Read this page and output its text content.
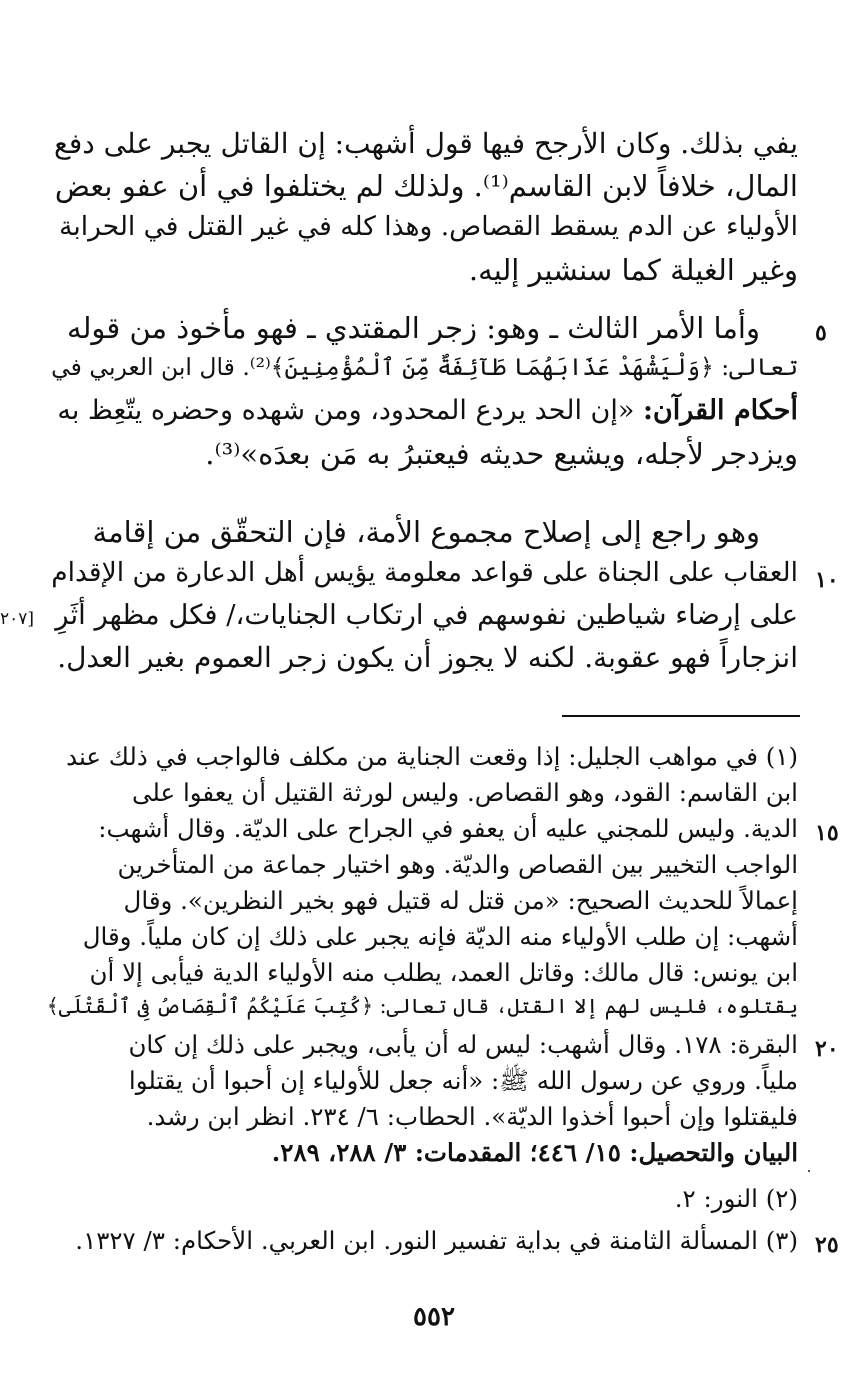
يفي بذلك. وكان الأرجح فيها قول أشهب: إن القاتل يجبر على دفع
المال، خلافاً لابن القاسم⁽¹⁾. ولذلك لم يختلفوا في أن عفو بعض
الأولياء عن الدم يسقط القصاص. وهذا كله في غير القتل في الحرابة
وغير الغيلة كما سنشير إليه.
٥
وأما الأمر الثالث ـ وهو: زجر المقتدي ـ فهو مأخوذ من قوله
تعالى: ﴿وَلْيَشْهَدْ عَذَابَهُمَا طَآئِفَةٌ مِّنَ ٱلْمُؤْمِنِينَ﴾⁽²⁾. قال ابن العربي في
أحكام القرآن: «إن الحد يردع المحدود، ومن شهده وحضره يتّعِظ به
ويزدجر لأجله، ويشيع حديثه فيعتبرُ به مَن بعدَه»⁽³⁾.
وهو راجع إلى إصلاح مجموع الأمة، فإن التحقّق من إقامة
١٠
العقاب على الجناة على قواعد معلومة يؤيس أهل الدعارة من الإقدام
على إرضاء شياطين نفوسهم في ارتكاب الجنايات،/ فكل مظهر أثَرِ
[٢٠٧
انزجاراً فهو عقوبة. لكنه لا يجوز أن يكون زجر العموم بغير العدل.
(١) في مواهب الجليل: إذا وقعت الجناية من مكلف فالواجب في ذلك عند
ابن القاسم: القود، وهو القصاص. وليس لورثة القتيل أن يعفوا على
١٥
الدية. وليس للمجني عليه أن يعفو في الجراح على الديّة. وقال أشهب:
الواجب التخيير بين القصاص والديّة. وهو اختيار جماعة من المتأخرين
إعمالاً للحديث الصحيح: «من قتل له قتيل فهو بخير النظرين». وقال
أشهب: إن طلب الأولياء منه الديّة فإنه يجبر على ذلك إن كان ملياً. وقال
ابن يونس: قال مالك: وقاتل العمد، يطلب منه الأولياء الدية فيأبى إلا أن
يقتلوه، فليس لهم إلا القتل، قال تعالى: ﴿كُتِبَ عَلَيْكُمُ ٱلْقِصَاصُ فِى ٱلْقَتْلَى﴾
٢٠
البقرة: ١٧٨. وقال أشهب: ليس له أن يأبى، ويجبر على ذلك إن كان
ملياً. وروي عن رسول الله ﷺ: «أنه جعل للأولياء إن أحبوا أن يقتلوا
فليقتلوا وإن أحبوا أخذوا الديّة». الحطاب: ٦/ ٢٣٤. انظر ابن رشد.
البيان والتحصيل: ١٥/ ٤٤٦؛ المقدمات: ٣/ ٢٨٨، ٢٨٩.
(٢) النور: ٢.
٢٥
(٣) المسألة الثامنة في بداية تفسير النور. ابن العربي. الأحكام: ٣/ ١٣٢٧.
٥٥٢
